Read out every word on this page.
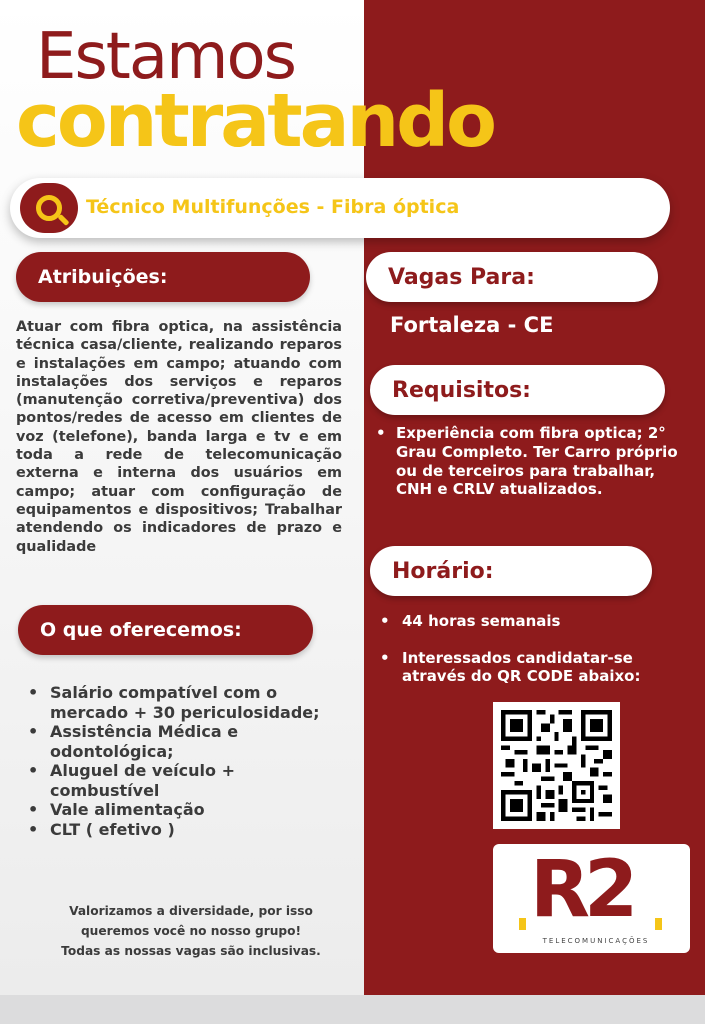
Estamos
contratando
Técnico Multifunções - Fibra óptica
Atribuições:
Atuar com fibra optica, na assistência técnica casa/cliente, realizando reparos e instalações em campo; atuando com instalações dos serviços e reparos (manutenção corretiva/preventiva) dos pontos/redes de acesso em clientes de voz (telefone), banda larga e tv e em toda a rede de telecomunicação externa e interna dos usuários em campo; atuar com configuração de equipamentos e dispositivos; Trabalhar atendendo os indicadores de prazo e qualidade
O que oferecemos:
• Salário compatível com o mercado + 30 periculosidade;
• Assistência Médica e odontológica;
• Aluguel de veículo + combustível
• Vale alimentação
• CLT ( efetivo )
Valorizamos a diversidade, por isso
queremos você no nosso grupo!
Todas as nossas vagas são inclusivas.
Vagas Para:
Fortaleza - CE
Requisitos:
• Experiência com fibra optica; 2° Grau Completo. Ter Carro próprio ou de terceiros para trabalhar, CNH e CRLV atualizados.
Horário:
• 44 horas semanais
• Interessados candidatar-se através do QR CODE abaixo:
R2
TELECOMUNICAÇÕES
